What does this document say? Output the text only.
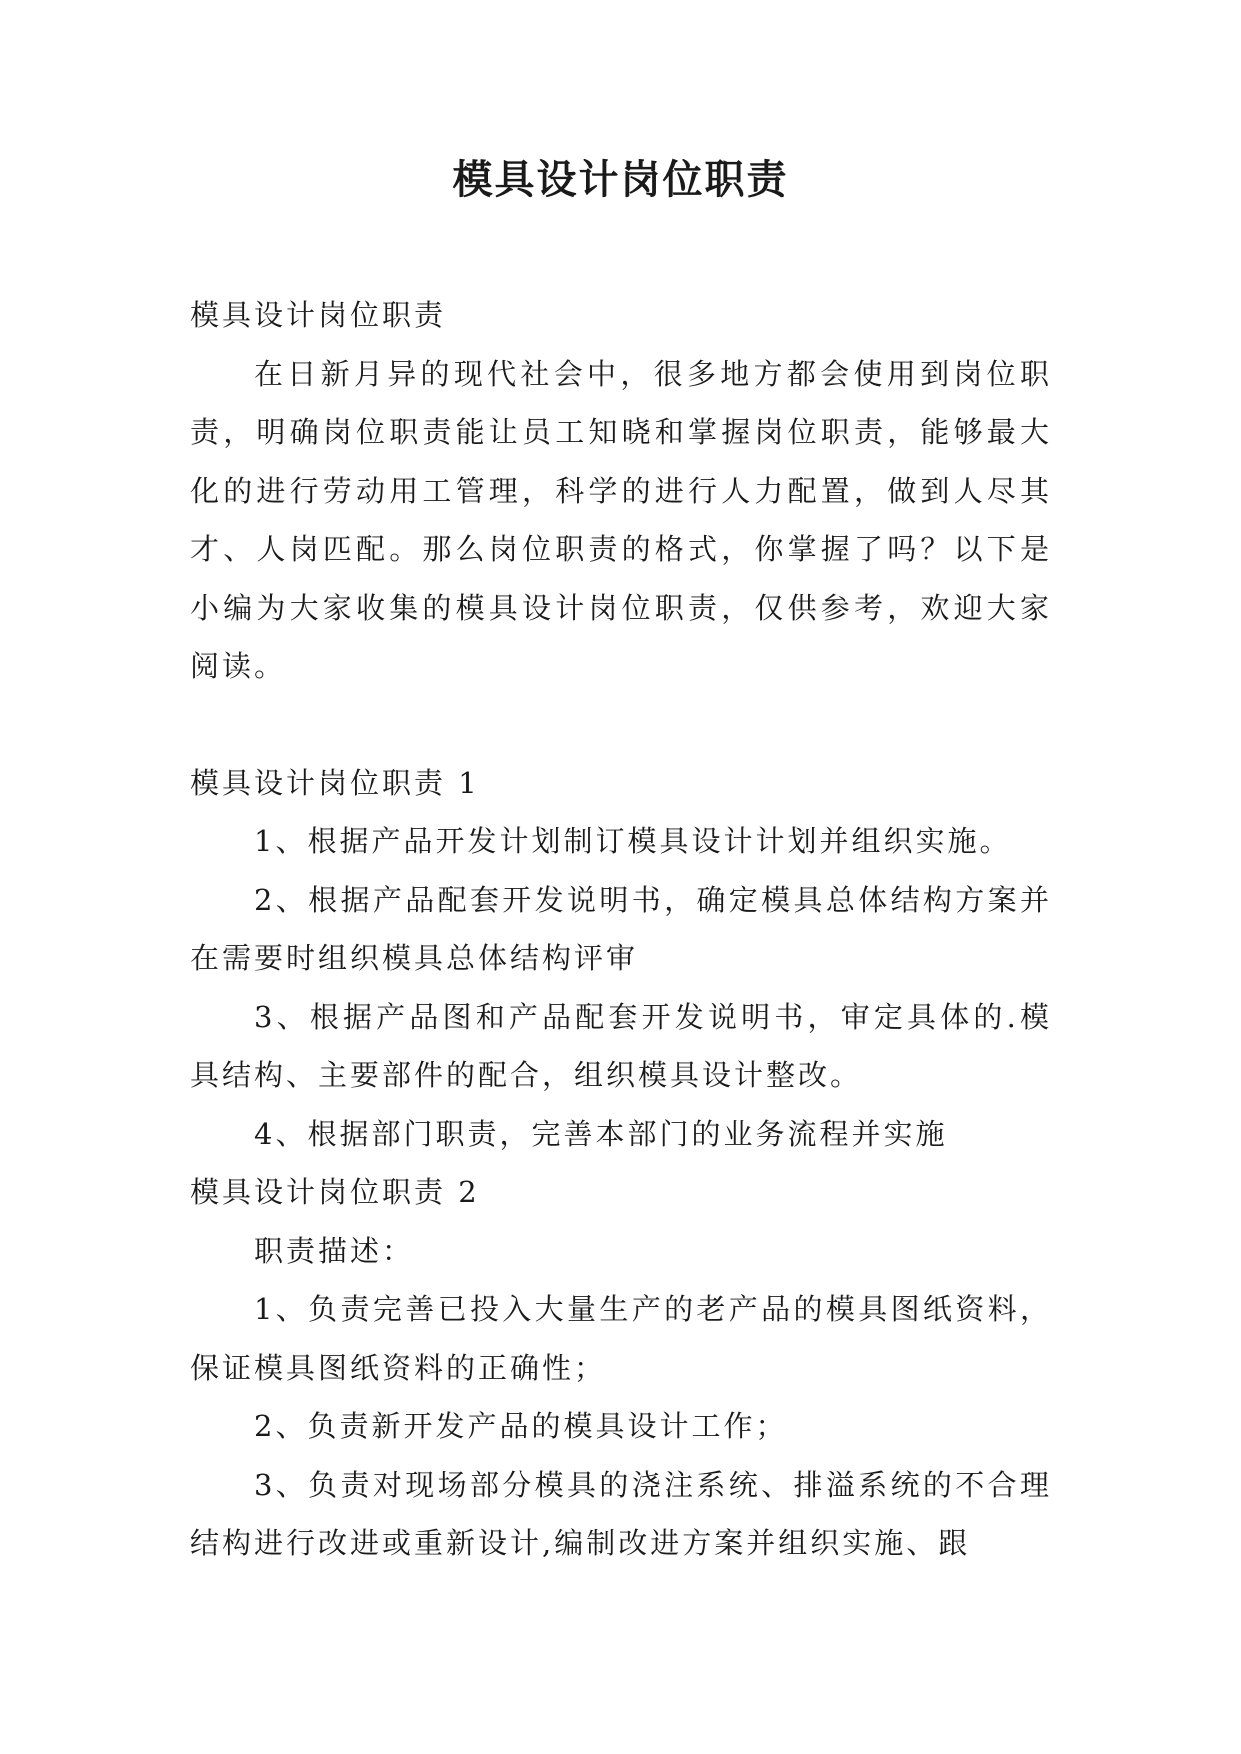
模具设计岗位职责

模具设计岗位职责

在日新月异的现代社会中，很多地方都会使用到岗位职责，明确岗位职责能让员工知晓和掌握岗位职责，能够最大化的进行劳动用工管理，科学的进行人力配置，做到人尽其才、人岗匹配。那么岗位职责的格式，你掌握了吗？以下是小编为大家收集的模具设计岗位职责，仅供参考，欢迎大家阅读。

模具设计岗位职责 1

1、根据产品开发计划制订模具设计计划并组织实施。

2、根据产品配套开发说明书，确定模具总体结构方案并在需要时组织模具总体结构评审

3、根据产品图和产品配套开发说明书，审定具体的.模具结构、主要部件的配合，组织模具设计整改。

4、根据部门职责，完善本部门的业务流程并实施

模具设计岗位职责 2

职责描述：

1、负责完善已投入大量生产的老产品的模具图纸资料，保证模具图纸资料的正确性；

2、负责新开发产品的模具设计工作；

3、负责对现场部分模具的浇注系统、排溢系统的不合理结构进行改进或重新设计,编制改进方案并组织实施、跟
